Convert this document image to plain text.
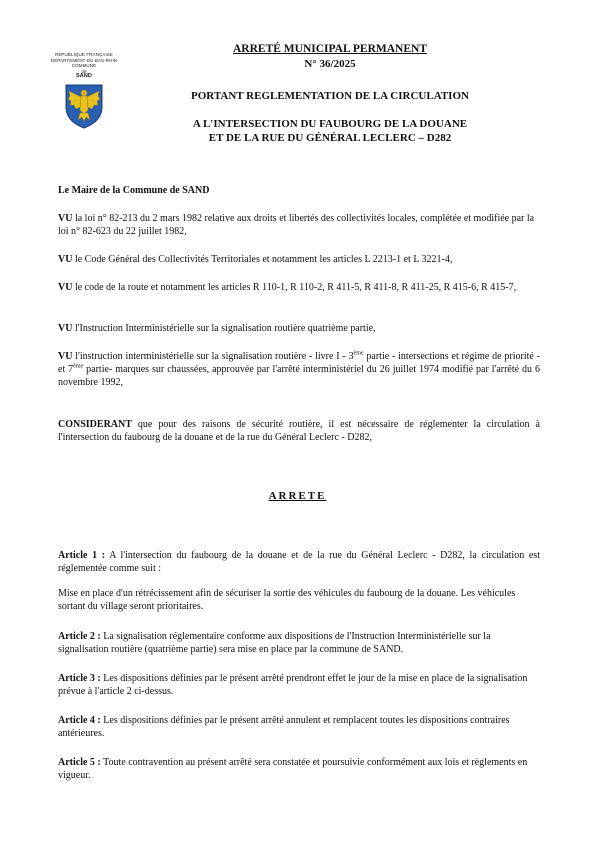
RÉPUBLIQUE FRANÇAISE
DÉPARTEMENT DU BAS-RHIN
COMMUNE
de
SAND
ARRETÉ MUNICIPAL PERMANENT
N° 36/2025
PORTANT REGLEMENTATION DE LA CIRCULATION
A L'INTERSECTION DU FAUBOURG DE LA DOUANE
ET DE LA RUE DU GÉNÉRAL LECLERC – D282

Le Maire de la Commune de SAND

VU la loi n° 82-213 du 2 mars 1982 relative aux droits et libertés des collectivités locales, complétée et modifiée par la loi n° 82-623 du 22 juillet 1982,

VU le Code Général des Collectivités Territoriales et notamment les articles L 2213-1 et L 3221-4,

VU le code de la route et notamment les articles R 110-1, R 110-2, R 411-5, R 411-8, R 411-25, R 415-6, R 415-7,

VU l'Instruction Interministérielle sur la signalisation routière quatrième partie,

VU l'instruction interministérielle sur la signalisation routière - livre I - 3ème partie - intersections et régime de priorité - et 7ème partie- marques sur chaussées, approuvée par l'arrêté interministériel du 26 juillet 1974 modifié par l'arrêté du 6 novembre 1992,

CONSIDERANT que pour des raisons de sécurité routière, il est nécessaire de réglementer la circulation à l'intersection du faubourg de la douane et de la rue du Général Leclerc - D282,

ARRETE

Article 1 : A l'intersection du faubourg de la douane et de la rue du Général Leclerc - D282, la circulation est réglementée comme suit :

Mise en place d'un rétrécissement afin de sécuriser la sortie des véhicules du faubourg de la douane. Les véhicules sortant du village seront prioritaires.

Article 2 : La signalisation réglementaire conforme aux dispositions de l'Instruction Interministérielle sur la signalisation routière (quatrième partie) sera mise en place par la commune de SAND.

Article 3 : Les dispositions définies par le présent arrêté prendront effet le jour de la mise en place de la signalisation prévue à l'article 2 ci-dessus.

Article 4 : Les dispositions définies par le présent arrêté annulent et remplacent toutes les dispositions contraires antérieures.

Article 5 : Toute contravention au présent arrêté sera constatée et poursuivie conformément aux lois et règlements en vigueur.
